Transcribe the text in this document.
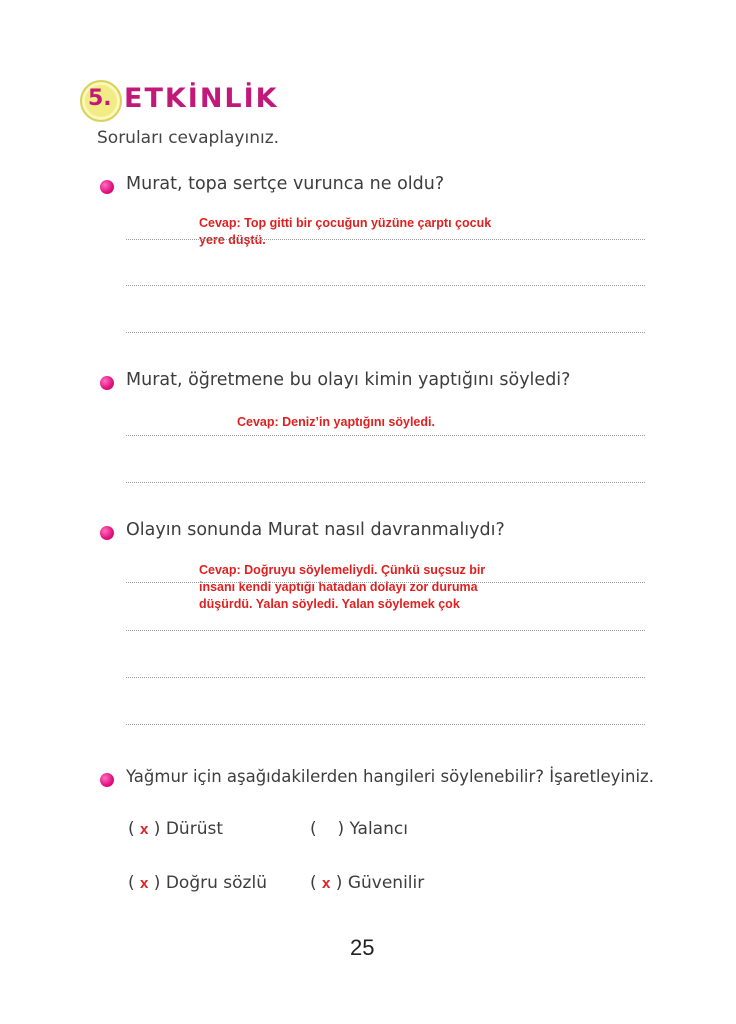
5. ETKİNLİK
Soruları cevaplayınız.
Murat, topa sertçe vurunca ne oldu?
Cevap: Top gitti bir çocuğun yüzüne çarptı çocuk
yere düştü.
Murat, öğretmene bu olayı kimin yaptığını söyledi?
Cevap: Deniz’in yaptığını söyledi.
Olayın sonunda Murat nasıl davranmalıydı?
Cevap: Doğruyu söylemeliydi. Çünkü suçsuz bir
insanı kendi yaptığı hatadan dolayı zor duruma
düşürdü. Yalan söyledi. Yalan söylemek çok
Yağmur için aşağıdakilerden hangileri söylenebilir? İşaretleyiniz.
( x ) Dürüst	( ) Yalancı
( x ) Doğru sözlü	( x ) Güvenilir
25
